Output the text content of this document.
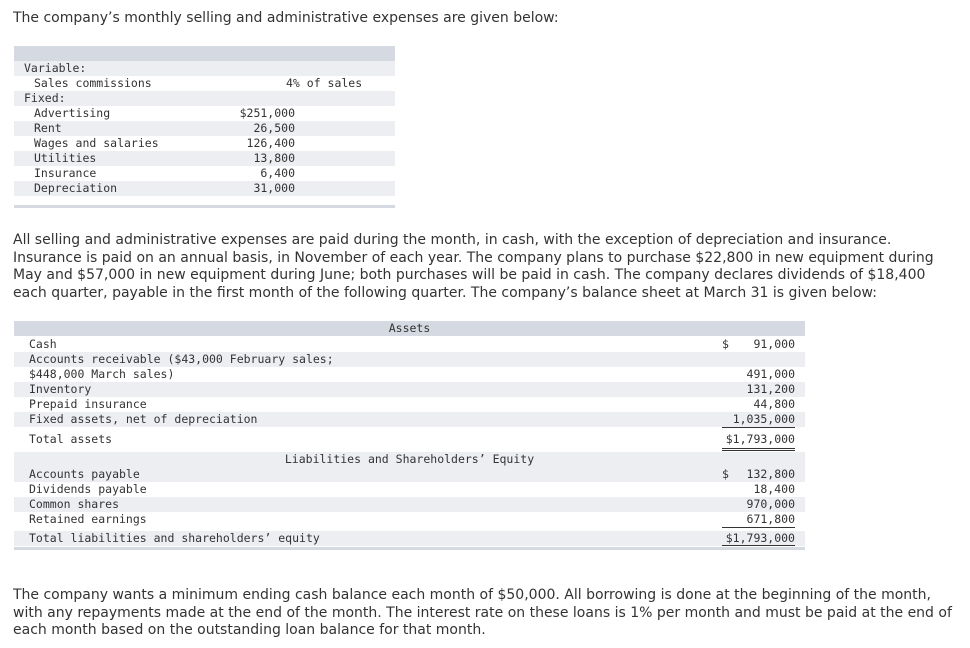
The company’s monthly selling and administrative expenses are given below:
Variable:
Sales commissions	4% of sales
Fixed:
Advertising	$251,000
Rent	26,500
Wages and salaries	126,400
Utilities	13,800
Insurance	6,400
Depreciation	31,000
All selling and administrative expenses are paid during the month, in cash, with the exception of depreciation and insurance. Insurance is paid on an annual basis, in November of each year. The company plans to purchase $22,800 in new equipment during May and $57,000 in new equipment during June; both purchases will be paid in cash. The company declares dividends of $18,400 each quarter, payable in the first month of the following quarter. The company’s balance sheet at March 31 is given below:
Assets
Cash	$ 91,000
Accounts receivable ($43,000 February sales;
$448,000 March sales)	491,000
Inventory	131,200
Prepaid insurance	44,800
Fixed assets, net of depreciation	1,035,000
Total assets	$1,793,000
Liabilities and Shareholders’ Equity
Accounts payable	$ 132,800
Dividends payable	18,400
Common shares	970,000
Retained earnings	671,800
Total liabilities and shareholders’ equity	$1,793,000
The company wants a minimum ending cash balance each month of $50,000. All borrowing is done at the beginning of the month, with any repayments made at the end of the month. The interest rate on these loans is 1% per month and must be paid at the end of each month based on the outstanding loan balance for that month.
